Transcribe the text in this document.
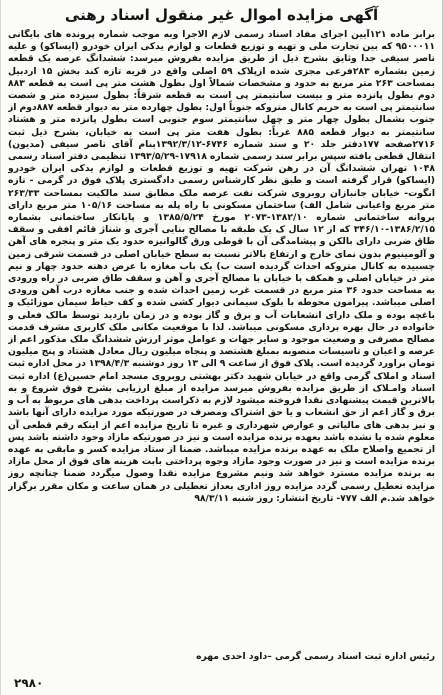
آگهی مزایده اموال غیر منقول اسناد رهنی
برابر ماده ۱۲۱آیین اجرای مفاد اسناد رسمی لازم الاجرا وبه موجب شماره پرونده های بایگانی ۹۵۰۰۰۱۱ که بین تجارت ملی و تهیه و توزیع قطعات و لوازم یدکی ایران خودرو (ایساکو) و علیه ناصر سیفی جدا وثایق بشرح ذیل از طریق مزایده بفروش میرسد: ششدانگ عرصه یک قطعه زمین بشماره ۲۸۳فرعی مجزی شده ازپلاک ۵۹ اصلی واقع در قریه تازه کند بخش ۱۵ اردبیل بمساحت ۲۶۳ متر مربع به حدود و مشخصات شمالاً اول بطول هشت متر پی است به قطعه ۸۸۳ دوم بطول پانزده متر و بیست سانتیمتر پی است به قطعه شرقاً: بطول سیزده متر و شصت سانتیمتر پی است به حریم کانال متروکه جنوباً اول: بطول چهارده متر به دیوار قطعه ۸۸۷دوم از جنوب بشمال بطول چهار متر و چهل سانتیمتر سوم جنوبی است بطول پانزده متر و هشتاد سانتیمتر به دیوار قطعه ۸۸۵ غرباً: بطول هفت متر پی است به خیابان، بشرح ذیل ثبت ۲۷۱۶صفحه ۱۷۷دفتر جلد ۲۰ و سند شماره ۶۷۴۶-۱۳۹۲/۳/۱۲بنام آقای ناصر سیفی (مدیون) انتقال قطعی یافته سپس برابر سند رسمی شماره ۱۷۹۱۸-۱۳۹۳/۵/۲۹ تنظیمی دفتر اسناد رسمی ۱۰۴۸ تهران ششدانگ آن در رهن شرکت تهیه و توزیع قطعات و لوازم یدکی ایران خودرو (ایساکو) قرار گرفته است و طبق نظر کارشناس رسمی دادگستری پلاک فوق در گرمی - تازه انگوت- خیابان جانبازان روبروی شرکت نفت عرصه ملک مطابق سند مالکیت بمساحت ۲۶۳/۳۳ متر مربع واعیانی شامل الف) ساختمان مسکونی با راه پله به مساحت ۱۰۵/۱۶ متر مربع دارای پروانه ساختمانی شماره ۱۳۸۲/۱۰-۲۰۷۳ مورخ ۱۳۸۵/۵/۲۴ و پایانکار ساختمانی بشماره ۱۳۸۶/۲/۱۵-۳۴۶/۱۰ که از ۱۲ سال ک یک طبقه با مصالح بنایی آجری و شناژ قائم افقی و سقف طاق ضربی دارای بالکن و پیشامدگی آن با قوطی ورق گالوانیزه حدود یک متر و پنجره های آهن و آلومینیوم بدون نمای خارج و ارتفاع بالاتر نسبت به سطح خیابان اصلی در قسمت شرقی زمین چسبیده به کانال متروکه احداث گردیده است ب) یک باب مغازه با عرض دهنه حدود چهار و نیم متر در خیابان اصلی و همکف با خیابان با مصالح آجری و آهن و سقف طاق ضربی در راه ورودی به مساحت حدود ۳۶ متر مربع در قسمت غرب زمین احداث شده و جنب مغازه درب آهن ورودی اصلی میباشد. پیرامون محوطه با بلوک سیمانی دیوار کشی شده و کف حیاط سیمان موزائیک و باغچه بوده و ملک دارای انشعابات آب و برق و گاز بوده و در زمان بازدید توسط مالک فعلی و خانواده در حال بهره برداری مسکونی میباشد. لذا با موقعیت مکانی ملک کاربری مشرف قدمت مصالح مصرفی و وضعیت موجود و سایر جهات و عوامل موثر ارزش ششدانگ ملک مذکور اعم از عرصه و اعیان و تاسیسات منصوبه بمبلغ هشتصد و پنجاه میلیون ریال معادل هشتاد و پنج میلیون تومان براورد گردیده است. پلاک فوق از ساعت ۹ الی ۱۳ روز دوشنبه ۱۳۹۸/۴/۳ در محل اداره ثبت اسناد و املاک گرمی واقع در خیابان شهید دکتر بهشتی روبروی مسجد امام حسین(ع) اداره ثبت اسناد وامـلاک از طریق مزایده بفروش میرسد مزایده از مبلغ ارزیابی بشرح فوق شروع و به بالاترین قیمت پیشنهادی نقدا فروخته میشود لازم به ذکراست پرداخت بدهی های مربوط به آب و برق و گاز اعم از حق انشعاب و یا حق اشتراک ومصرف در صورتیکه مورد مزایده دارای آنها باشد و نیز بدهی های مالیاتی و عوارض شهرداری و غیره تا تاریخ مزایده اعم از اینکه رقم قطعی آن معلوم شده یا نشده باشد بعهده برنده مزایده است و نیز در صورتیکه مازاد وجود داشته باشد پس از تجمیع واصلاح ملک به عهده برنده مزایده میباشد. ضمنا از ستاد مزایده کسر و مابقی به عهده برنده مزایده است و نیز در صورت وجود مازاد وجوه پرداختی بابت هزینه های فوق از محل مازاد به برنده مزایده مسترد خواهد شد ونیم مشروع مزایده نقدا وصول میگردد ضمنا چنانچه روز مزایده تعطیل رسمی گردد مزایده روز اداری بعداز تعطیلی در همان ساعت و مکان مقرر برگزار خواهد شد.م الف ۷۷۷- تاریخ انتشار: روز شنبه ۹۸/۳/۱۱
رئیس اداره ثبت اسناد رسمی گرمی –داود احدی مهره
۲۹۸۰
